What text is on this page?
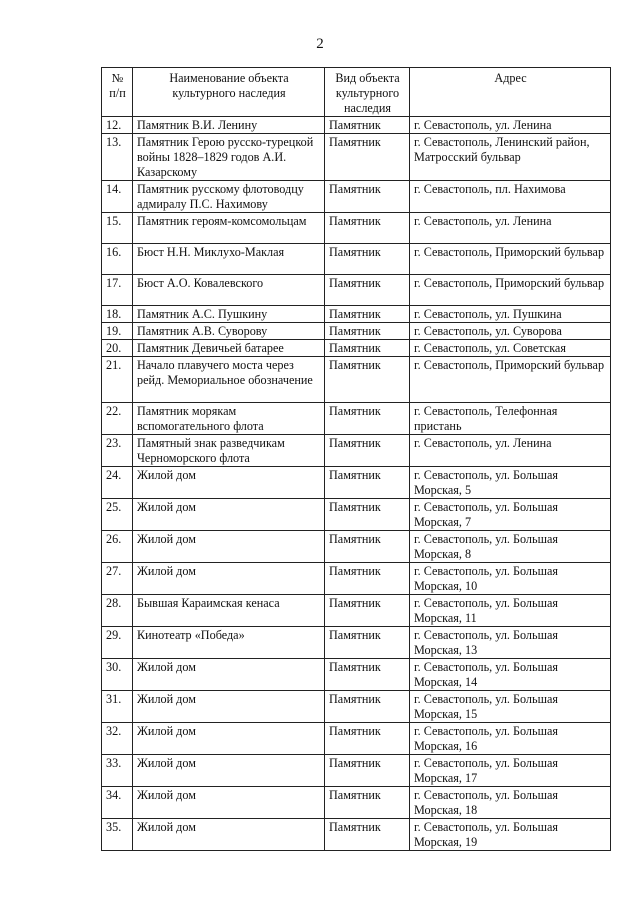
2
№ п/п	Наименование объекта культурного наследия	Вид объекта культурного наследия	Адрес
12.	Памятник В.И. Ленину	Памятник	г. Севастополь, ул. Ленина
13.	Памятник Герою русско-турецкой войны 1828–1829 годов А.И. Казарскому	Памятник	г. Севастополь, Ленинский район, Матросский бульвар
14.	Памятник русскому флотоводцу адмиралу П.С. Нахимову	Памятник	г. Севастополь, пл. Нахимова
15.	Памятник героям-комсомольцам	Памятник	г. Севастополь, ул. Ленина
16.	Бюст Н.Н. Миклухо-Маклая	Памятник	г. Севастополь, Приморский бульвар
17.	Бюст А.О. Ковалевского	Памятник	г. Севастополь, Приморский бульвар
18.	Памятник А.С. Пушкину	Памятник	г. Севастополь, ул. Пушкина
19.	Памятник А.В. Суворову	Памятник	г. Севастополь, ул. Суворова
20.	Памятник Девичьей батарее	Памятник	г. Севастополь, ул. Советская
21.	Начало плавучего моста через рейд. Мемориальное обозначение	Памятник	г. Севастополь, Приморский бульвар
22.	Памятник морякам вспомогательного флота	Памятник	г. Севастополь, Телефонная пристань
23.	Памятный знак разведчикам Черноморского флота	Памятник	г. Севастополь, ул. Ленина
24.	Жилой дом	Памятник	г. Севастополь, ул. Большая Морская, 5
25.	Жилой дом	Памятник	г. Севастополь, ул. Большая Морская, 7
26.	Жилой дом	Памятник	г. Севастополь, ул. Большая Морская, 8
27.	Жилой дом	Памятник	г. Севастополь, ул. Большая Морская, 10
28.	Бывшая Караимская кенаса	Памятник	г. Севастополь, ул. Большая Морская, 11
29.	Кинотеатр «Победа»	Памятник	г. Севастополь, ул. Большая Морская, 13
30.	Жилой дом	Памятник	г. Севастополь, ул. Большая Морская, 14
31.	Жилой дом	Памятник	г. Севастополь, ул. Большая Морская, 15
32.	Жилой дом	Памятник	г. Севастополь, ул. Большая Морская, 16
33.	Жилой дом	Памятник	г. Севастополь, ул. Большая Морская, 17
34.	Жилой дом	Памятник	г. Севастополь, ул. Большая Морская, 18
35.	Жилой дом	Памятник	г. Севастополь, ул. Большая Морская, 19
